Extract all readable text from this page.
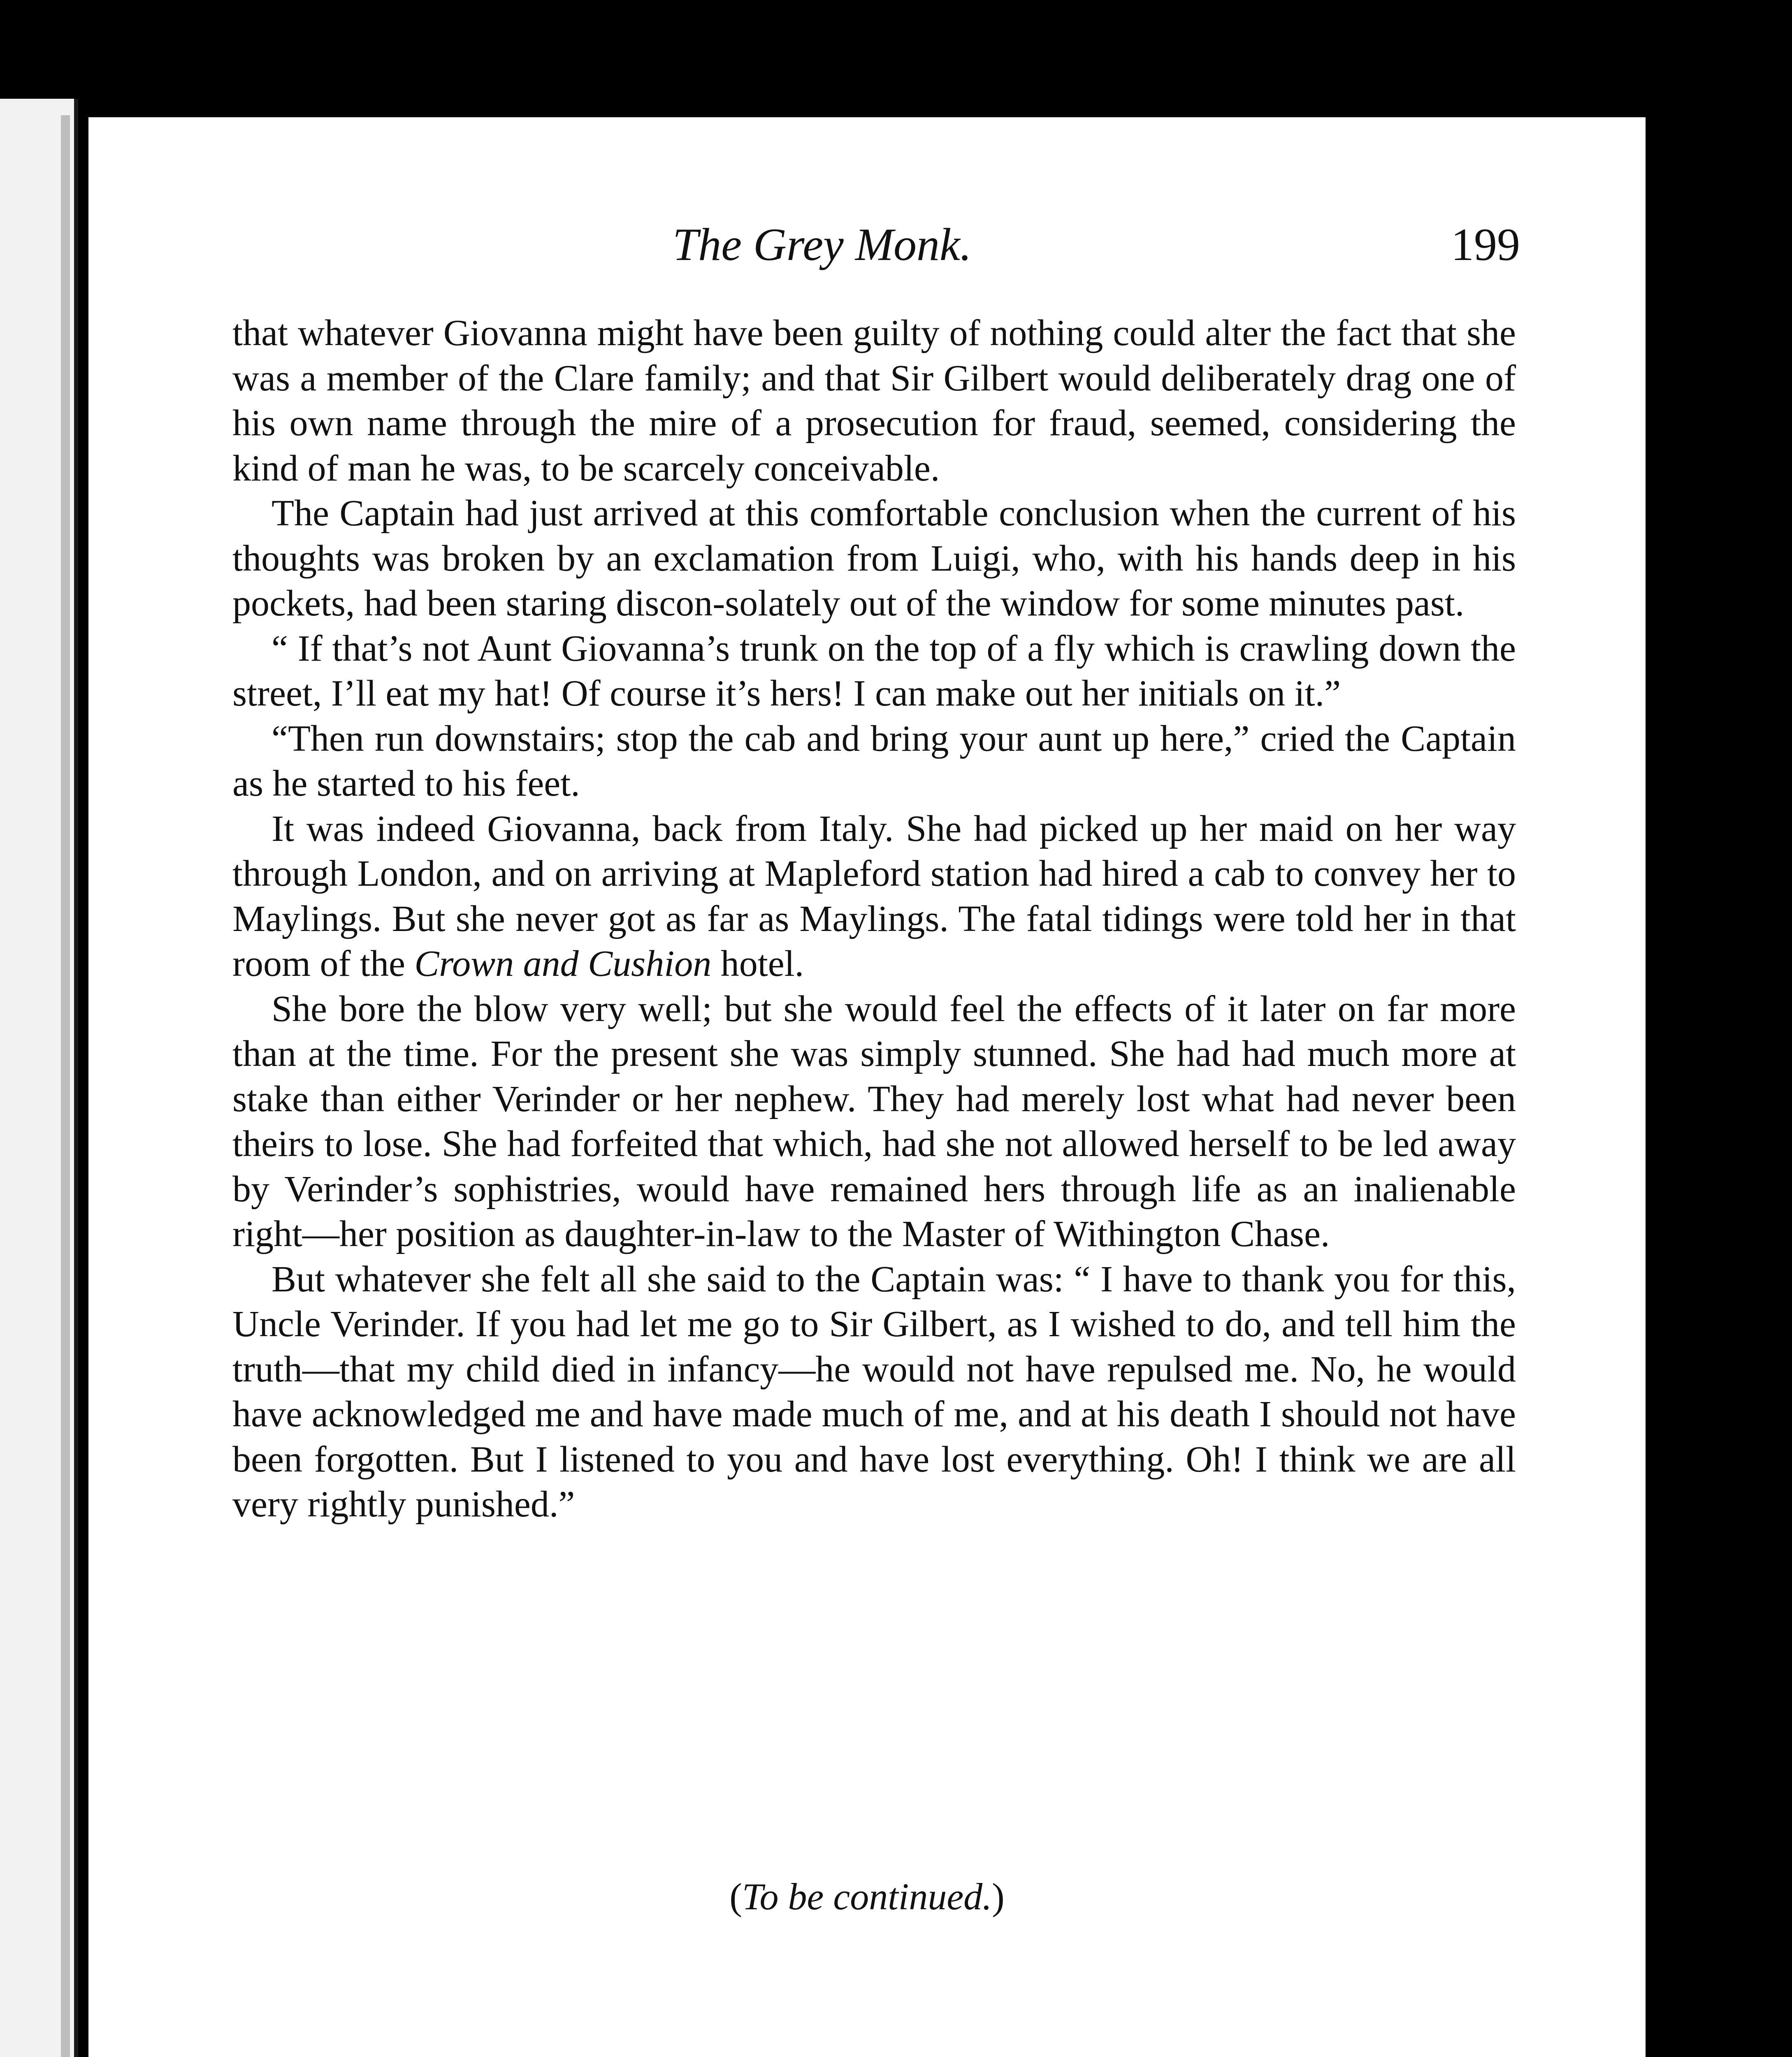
The Grey Monk.	199

that whatever Giovanna might have been guilty of nothing could alter the fact that she was a member of the Clare family; and that Sir Gilbert would deliberately drag one of his own name through the mire of a prosecution for fraud, seemed, considering the kind of man he was, to be scarcely conceivable.

The Captain had just arrived at this comfortable conclusion when the current of his thoughts was broken by an exclamation from Luigi, who, with his hands deep in his pockets, had been staring discon-solately out of the window for some minutes past.

“ If that’s not Aunt Giovanna’s trunk on the top of a fly which is crawling down the street, I’ll eat my hat! Of course it’s hers! I can make out her initials on it.”

“Then run downstairs; stop the cab and bring your aunt up here,” cried the Captain as he started to his feet.

It was indeed Giovanna, back from Italy. She had picked up her maid on her way through London, and on arriving at Mapleford station had hired a cab to convey her to Maylings. But she never got as far as Maylings. The fatal tidings were told her in that room of the Crown and Cushion hotel.

She bore the blow very well; but she would feel the effects of it later on far more than at the time. For the present she was simply stunned. She had had much more at stake than either Verinder or her nephew. They had merely lost what had never been theirs to lose. She had forfeited that which, had she not allowed herself to be led away by Verinder’s sophistries, would have remained hers through life as an inalienable right—her position as daughter-in-law to the Master of Withington Chase.

But whatever she felt all she said to the Captain was: “ I have to thank you for this, Uncle Verinder. If you had let me go to Sir Gilbert, as I wished to do, and tell him the truth—that my child died in infancy—he would not have repulsed me. No, he would have acknowledged me and have made much of me, and at his death I should not have been forgotten. But I listened to you and have lost everything. Oh! I think we are all very rightly punished.”

(To be continued.)
